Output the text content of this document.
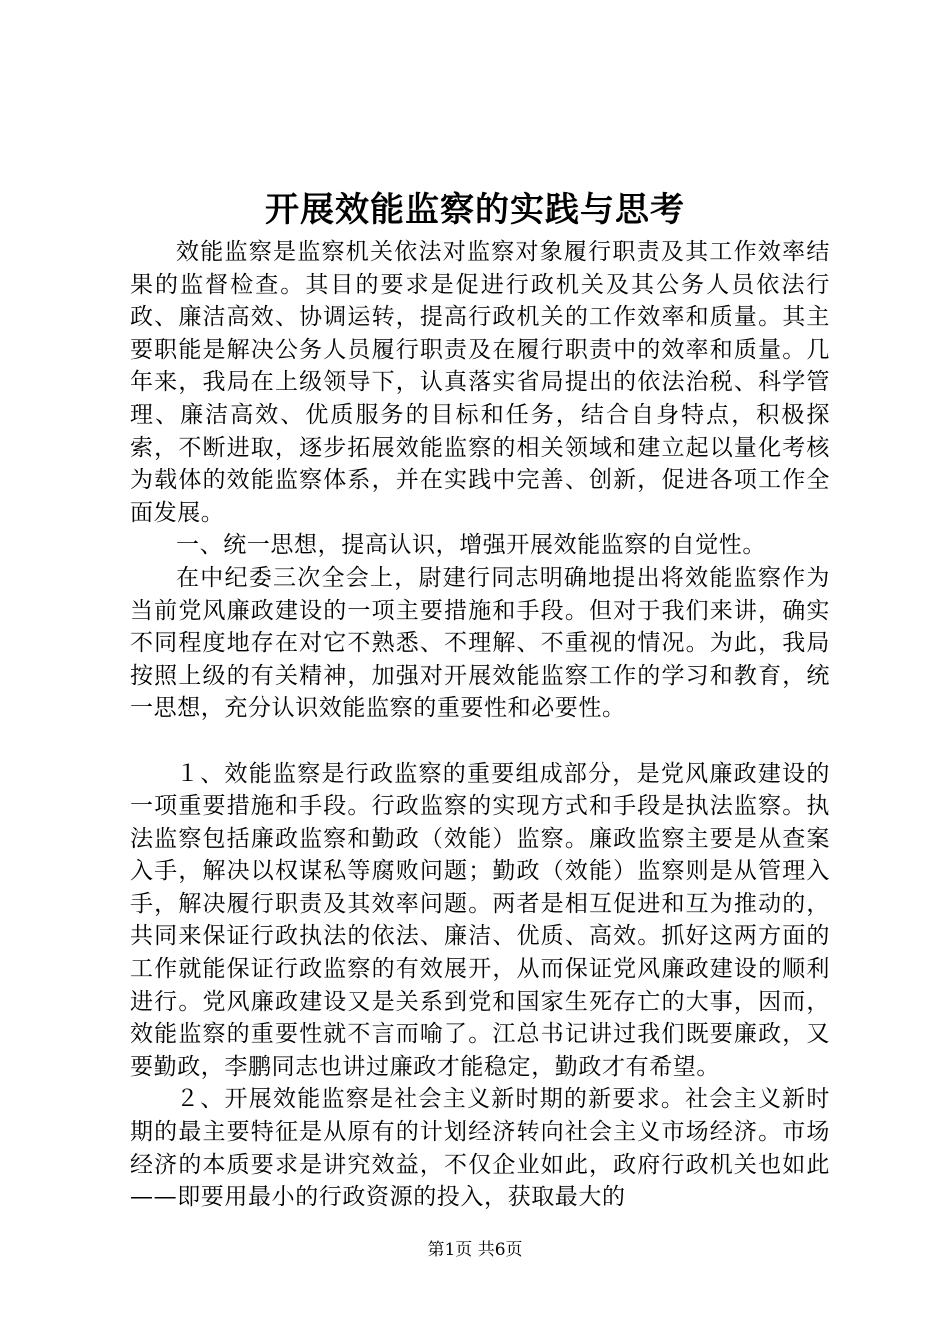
开展效能监察的实践与思考

效能监察是监察机关依法对监察对象履行职责及其工作效率结果的监督检查。其目的要求是促进行政机关及其公务人员依法行政、廉洁高效、协调运转，提高行政机关的工作效率和质量。其主要职能是解决公务人员履行职责及在履行职责中的效率和质量。几年来，我局在上级领导下，认真落实省局提出的依法治税、科学管理、廉洁高效、优质服务的目标和任务，结合自身特点，积极探索，不断进取，逐步拓展效能监察的相关领域和建立起以量化考核为载体的效能监察体系，并在实践中完善、创新，促进各项工作全面发展。

一、统一思想，提高认识，增强开展效能监察的自觉性。

在中纪委三次全会上，尉建行同志明确地提出将效能监察作为当前党风廉政建设的一项主要措施和手段。但对于我们来讲，确实不同程度地存在对它不熟悉、不理解、不重视的情况。为此，我局按照上级的有关精神，加强对开展效能监察工作的学习和教育，统一思想，充分认识效能监察的重要性和必要性。

１、效能监察是行政监察的重要组成部分，是党风廉政建设的一项重要措施和手段。行政监察的实现方式和手段是执法监察。执法监察包括廉政监察和勤政（效能）监察。廉政监察主要是从查案入手，解决以权谋私等腐败问题；勤政（效能）监察则是从管理入手，解决履行职责及其效率问题。两者是相互促进和互为推动的，共同来保证行政执法的依法、廉洁、优质、高效。抓好这两方面的工作就能保证行政监察的有效展开，从而保证党风廉政建设的顺利进行。党风廉政建设又是关系到党和国家生死存亡的大事，因而，效能监察的重要性就不言而喻了。江总书记讲过我们既要廉政，又要勤政，李鹏同志也讲过廉政才能稳定，勤政才有希望。

２、开展效能监察是社会主义新时期的新要求。社会主义新时期的最主要特征是从原有的计划经济转向社会主义市场经济。市场经济的本质要求是讲究效益，不仅企业如此，政府行政机关也如此——即要用最小的行政资源的投入，获取最大的

第1页 共6页
